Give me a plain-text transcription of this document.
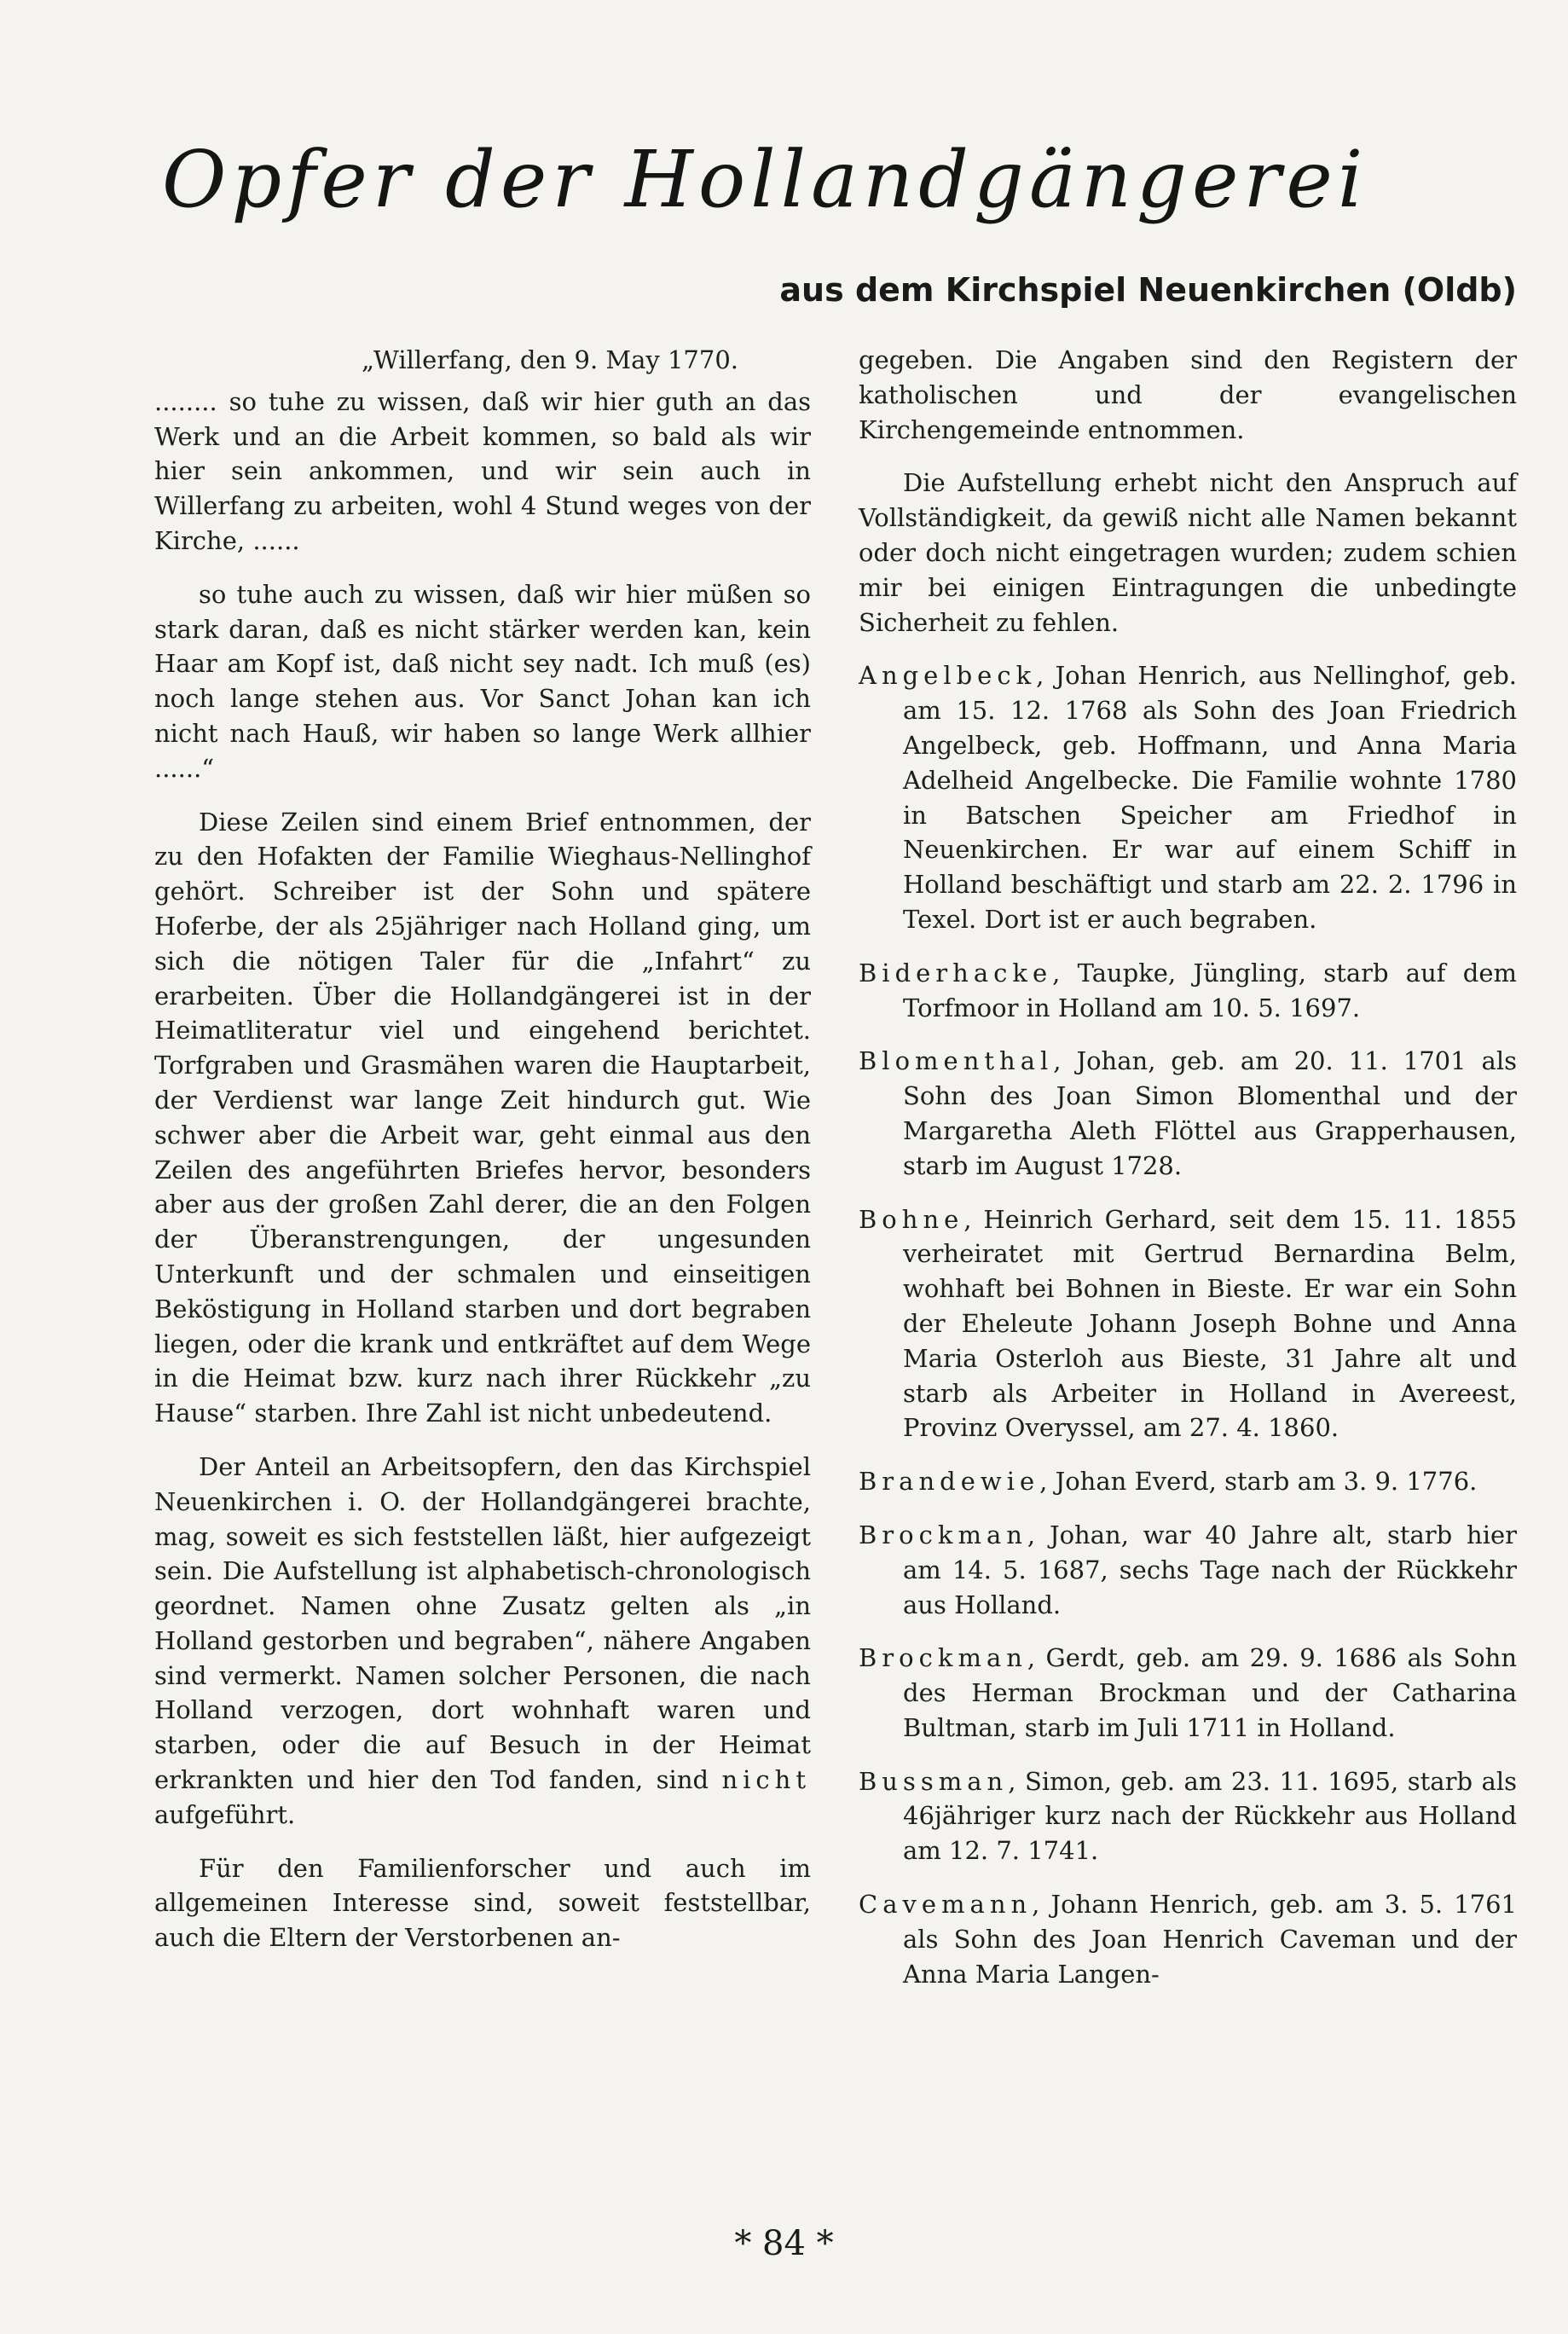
Opfer der Hollandgängerei
aus dem Kirchspiel Neuenkirchen (Oldb)
„Willerfang, den 9. May 1770.

........ so tuhe zu wissen, daß wir hier guth an das Werk und an die Arbeit kommen, so bald als wir hier sein ankommen, und wir sein auch in Willerfang zu arbeiten, wohl 4 Stund weges von der Kirche, ......

so tuhe auch zu wissen, daß wir hier müßen so stark daran, daß es nicht stärker werden kan, kein Haar am Kopf ist, daß nicht sey nadt. Ich muß (es) noch lange stehen aus. Vor Sanct Johan kan ich nicht nach Hauß, wir haben so lange Werk allhier ......“

Diese Zeilen sind einem Brief entnommen, der zu den Hofakten der Familie Wieghaus-Nellinghof gehört. Schreiber ist der Sohn und spätere Hoferbe, der als 25jähriger nach Holland ging, um sich die nötigen Taler für die „Infahrt“ zu erarbeiten. Über die Hollandgängerei ist in der Heimatliteratur viel und eingehend berichtet. Torfgraben und Grasmähen waren die Hauptarbeit, der Verdienst war lange Zeit hindurch gut. Wie schwer aber die Arbeit war, geht einmal aus den Zeilen des angeführten Briefes hervor, besonders aber aus der großen Zahl derer, die an den Folgen der Überanstrengungen, der ungesunden Unterkunft und der schmalen und einseitigen Beköstigung in Holland starben und dort begraben liegen, oder die krank und entkräftet auf dem Wege in die Heimat bzw. kurz nach ihrer Rückkehr „zu Hause“ starben. Ihre Zahl ist nicht unbedeutend.

Der Anteil an Arbeitsopfern, den das Kirchspiel Neuenkirchen i. O. der Hollandgängerei brachte, mag, soweit es sich feststellen läßt, hier aufgezeigt sein. Die Aufstellung ist alphabetisch-chronologisch geordnet. Namen ohne Zusatz gelten als „in Holland gestorben und begraben“, nähere Angaben sind vermerkt. Namen solcher Personen, die nach Holland verzogen, dort wohnhaft waren und starben, oder die auf Besuch in der Heimat erkrankten und hier den Tod fanden, sind nicht aufgeführt.

Für den Familienforscher und auch im allgemeinen Interesse sind, soweit feststellbar, auch die Eltern der Verstorbenen an-

gegeben. Die Angaben sind den Registern der katholischen und der evangelischen Kirchengemeinde entnommen.

Die Aufstellung erhebt nicht den Anspruch auf Vollständigkeit, da gewiß nicht alle Namen bekannt oder doch nicht eingetragen wurden; zudem schien mir bei einigen Eintragungen die unbedingte Sicherheit zu fehlen.

Angelbeck, Johan Henrich, aus Nellinghof, geb. am 15. 12. 1768 als Sohn des Joan Friedrich Angelbeck, geb. Hoffmann, und Anna Maria Adelheid Angelbecke. Die Familie wohnte 1780 in Batschen Speicher am Friedhof in Neuenkirchen. Er war auf einem Schiff in Holland beschäftigt und starb am 22. 2. 1796 in Texel. Dort ist er auch begraben.
Biderhacke, Taupke, Jüngling, starb auf dem Torfmoor in Holland am 10. 5. 1697.
Blomenthal, Johan, geb. am 20. 11. 1701 als Sohn des Joan Simon Blomenthal und der Margaretha Aleth Flöttel aus Grapperhausen, starb im August 1728.
Bohne, Heinrich Gerhard, seit dem 15. 11. 1855 verheiratet mit Gertrud Bernardina Belm, wohhaft bei Bohnen in Bieste. Er war ein Sohn der Eheleute Johann Joseph Bohne und Anna Maria Osterloh aus Bieste, 31 Jahre alt und starb als Arbeiter in Holland in Avereest, Provinz Overyssel, am 27. 4. 1860.
Brandewie, Johan Everd, starb am 3. 9. 1776.
Brockman, Johan, war 40 Jahre alt, starb hier am 14. 5. 1687, sechs Tage nach der Rückkehr aus Holland.
Brockman, Gerdt, geb. am 29. 9. 1686 als Sohn des Herman Brockman und der Catharina Bultman, starb im Juli 1711 in Holland.
Bussman, Simon, geb. am 23. 11. 1695, starb als 46jähriger kurz nach der Rückkehr aus Holland am 12. 7. 1741.
Cavemann, Johann Henrich, geb. am 3. 5. 1761 als Sohn des Joan Henrich Caveman und der Anna Maria Langen-
* 84 *
